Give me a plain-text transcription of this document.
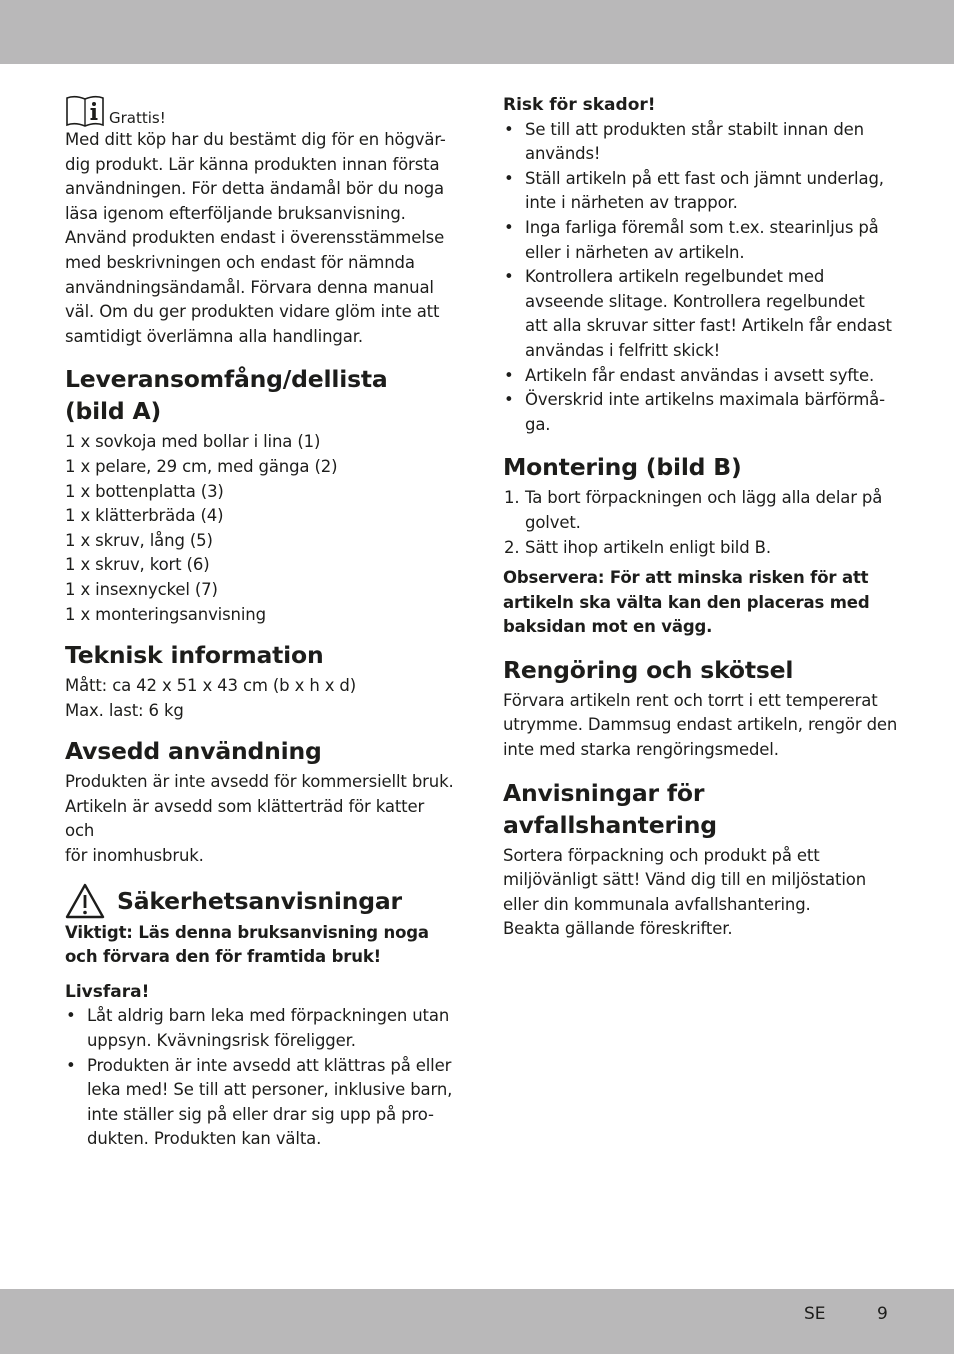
Grattis!

Med ditt köp har du bestämt dig för en högvär-

dig produkt. Lär känna produkten innan första

användningen. För detta ändamål bör du noga

läsa igenom efterföljande bruksanvisning.

Använd produkten endast i överensstämmelse

med beskrivningen och endast för nämnda

användningsändamål. Förvara denna manual

väl. Om du ger produkten vidare glöm inte att

samtidigt överlämna alla handlingar.

Leveransomfång/dellista
(bild A)

1 x sovkoja med bollar i lina (1)

1 x pelare, 29 cm, med gänga (2)

1 x bottenplatta (3)

1 x klätterbräda (4)

1 x skruv, lång (5)

1 x skruv, kort (6)

1 x insexnyckel (7)

1 x monteringsanvisning

Teknisk information

Mått: ca 42 x 51 x 43 cm (b x h x d)

Max. last: 6 kg

Avsedd användning

Produkten är inte avsedd för kommersiellt bruk.

Artikeln är avsedd som klätterträd för katter och

för inomhusbruk.

Säkerhetsanvisningar

Viktigt: Läs denna bruksanvisning noga

och förvara den för framtida bruk!

Livsfara!
• Låt aldrig barn leka med förpackningen utan
uppsyn. Kvävningsrisk föreligger.
• Produkten är inte avsedd att klättras på eller
leka med! Se till att personer, inklusive barn,
inte ställer sig på eller drar sig upp på pro-
dukten. Produkten kan välta.
Risk för skador!
• Se till att produkten står stabilt innan den
används!
• Ställ artikeln på ett fast och jämnt underlag,
inte i närheten av trappor.
• Inga farliga föremål som t.ex. stearinljus på
eller i närheten av artikeln.
• Kontrollera artikeln regelbundet med
avseende slitage. Kontrollera regelbundet
att alla skruvar sitter fast! Artikeln får endast
användas i felfritt skick!
• Artikeln får endast användas i avsett syfte.
• Överskrid inte artikelns maximala bärförmå-
ga.
Montering (bild B)
1. Ta bort förpackningen och lägg alla delar på
golvet.
2. Sätt ihop artikeln enligt bild B.

Observera: För att minska risken för att

artikeln ska välta kan den placeras med

baksidan mot en vägg.

Rengöring och skötsel

Förvara artikeln rent och torrt i ett tempererat

utrymme. Dammsug endast artikeln, rengör den

inte med starka rengöringsmedel.

Anvisningar för
avfallshantering

Sortera förpackning och produkt på ett

miljövänligt sätt! Vänd dig till en miljöstation

eller din kommunala avfallshantering.

Beakta gällande föreskrifter.

SE	9
